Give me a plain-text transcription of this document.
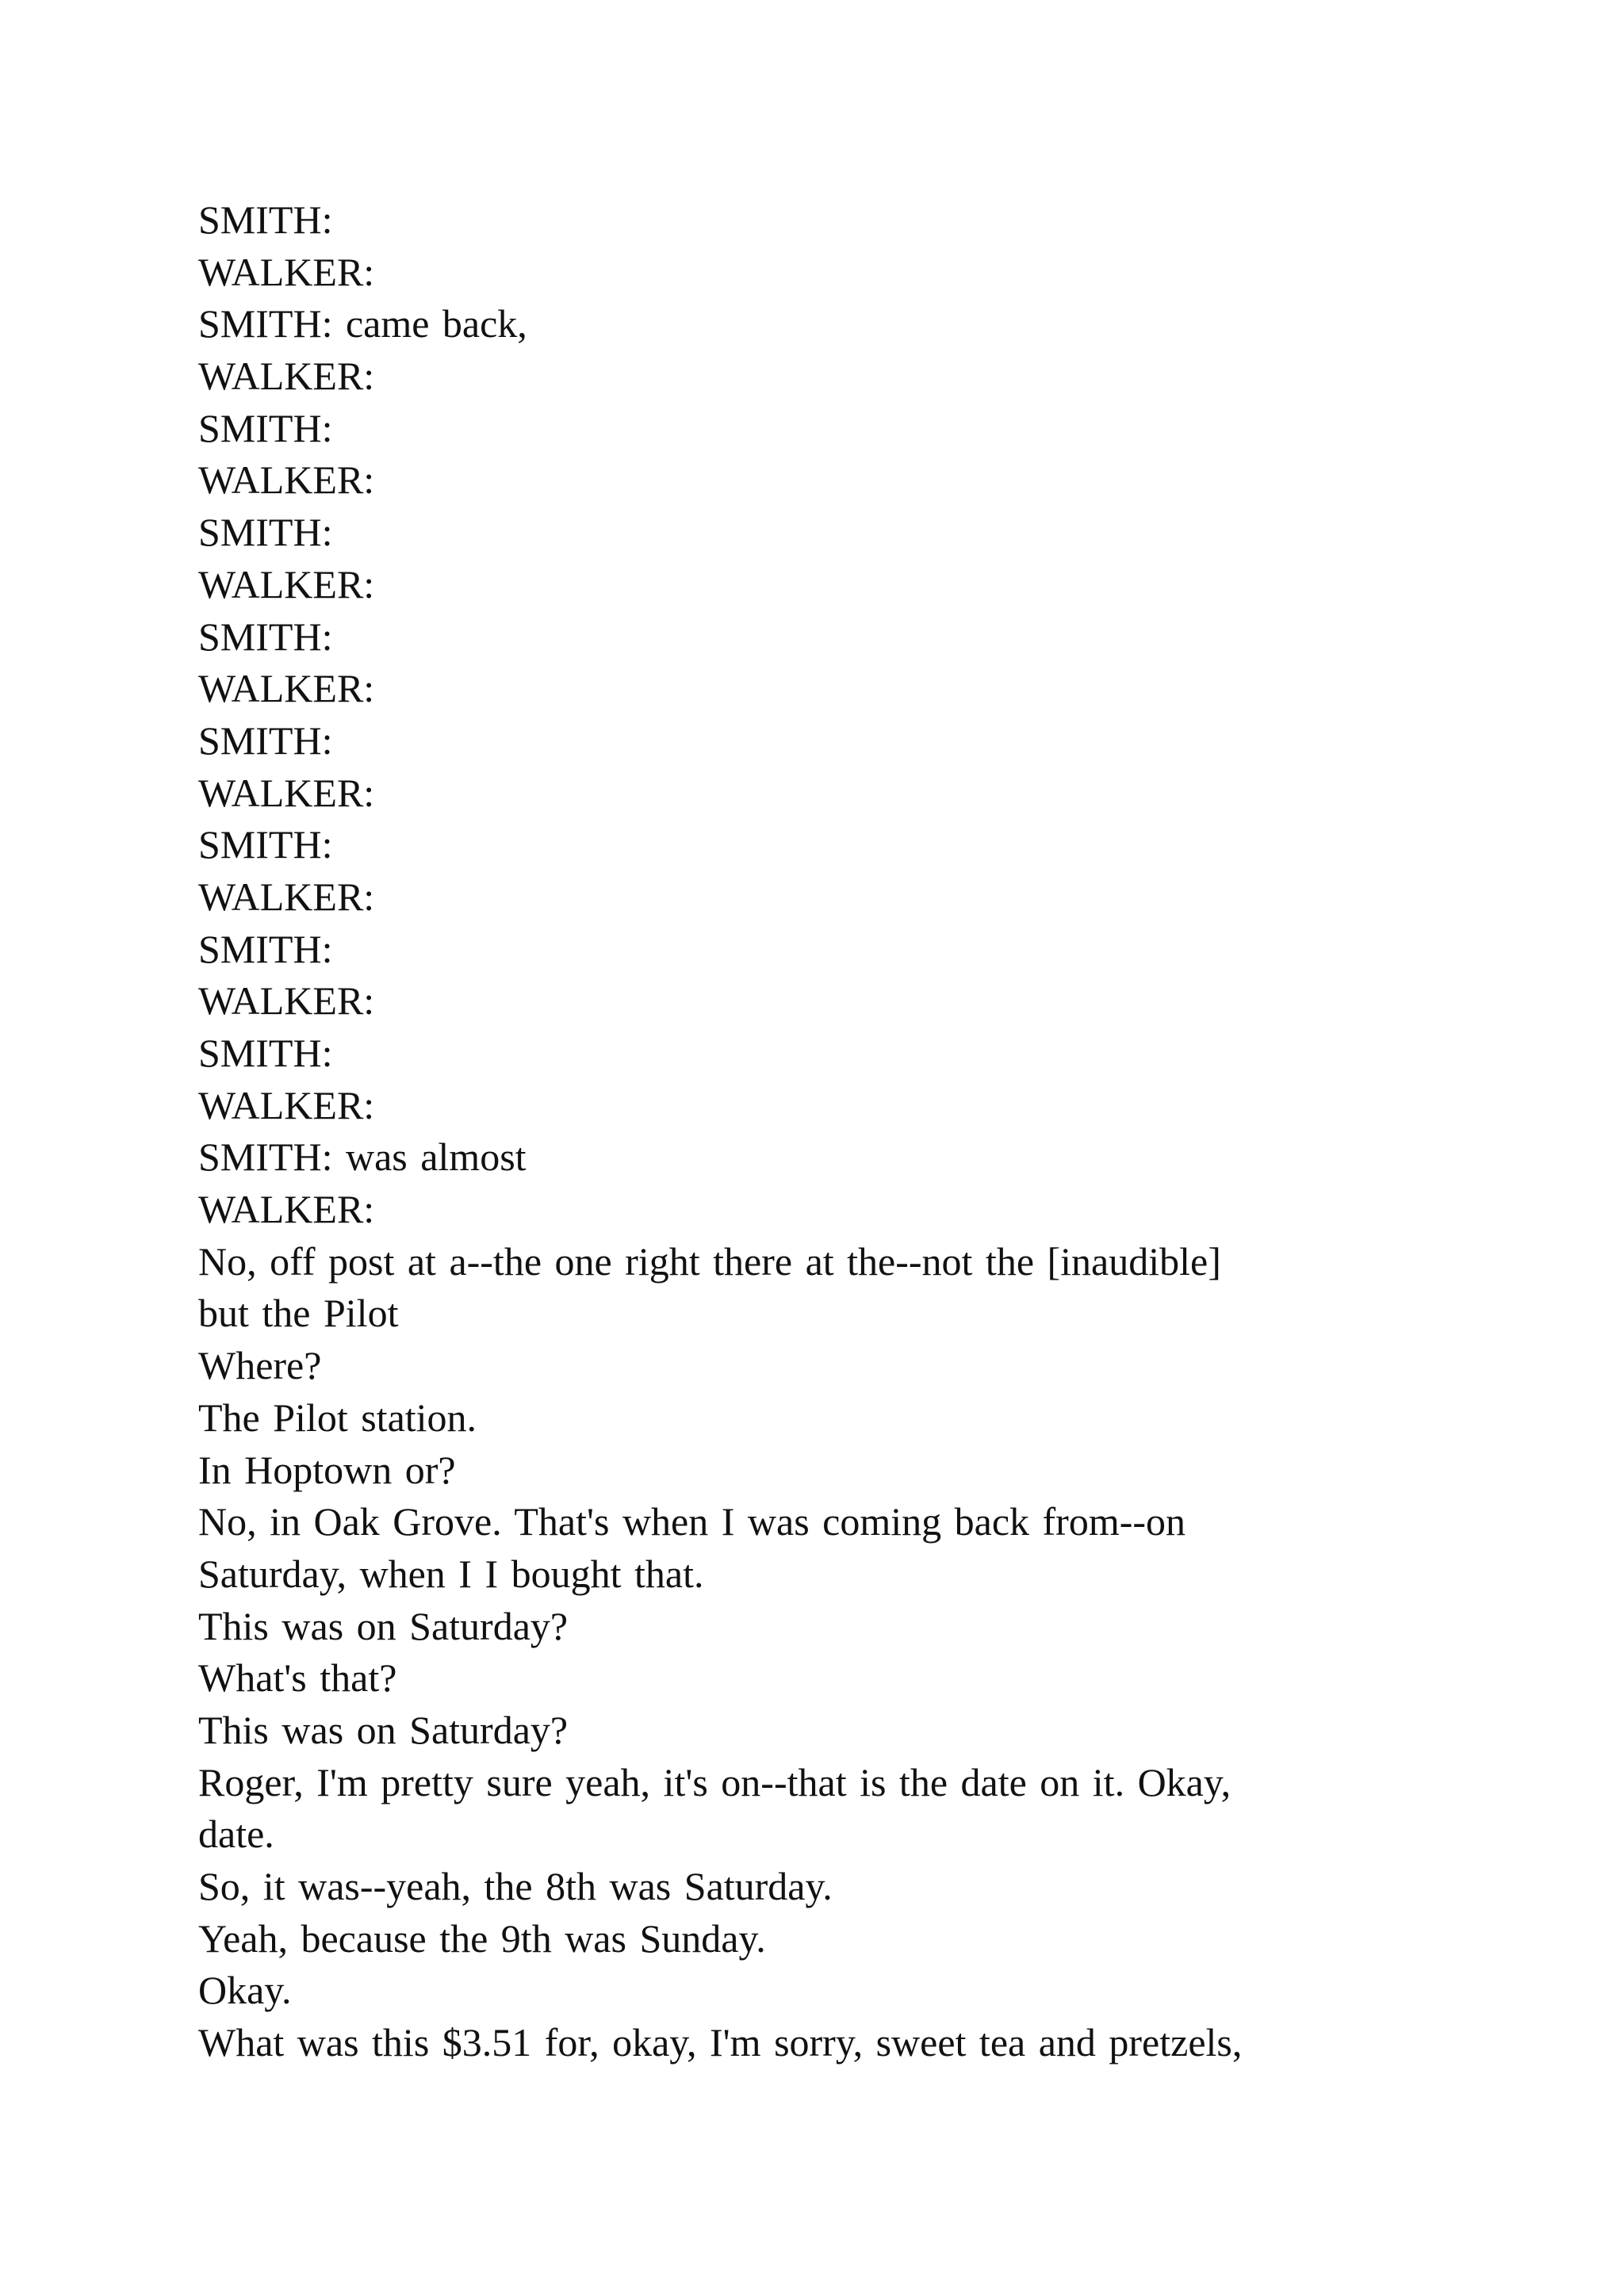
SMITH:
WALKER:
SMITH: came back,
WALKER:
SMITH:
WALKER:
SMITH:
WALKER:
SMITH:
WALKER:
SMITH:
WALKER:
SMITH:
WALKER:
SMITH:
WALKER:
SMITH:
WALKER:
SMITH: was almost
WALKER:
No, off post at a--the one right there at the--not the [inaudible]
but the Pilot
Where?
The Pilot station.
In Hoptown or?
No, in Oak Grove. That's when I was coming back from--on
Saturday, when I I bought that.
This was on Saturday?
What's that?
This was on Saturday?
Roger, I'm pretty sure yeah, it's on--that is the date on it. Okay,
date.
So, it was--yeah, the 8th was Saturday.
Yeah, because the 9th was Sunday.
Okay.
What was this $3.51 for, okay, I'm sorry, sweet tea and pretzels,
